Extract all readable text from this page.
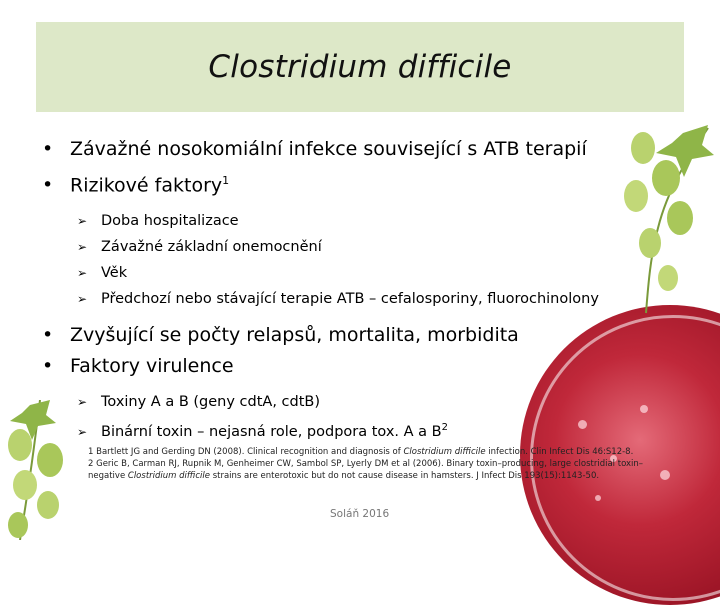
Clostridium difficile
• Závažné nosokomiální infekce související s ATB terapií
• Rizikové faktory$^1$
➢ Doba hospitalizace
➢ Závažné základní onemocnění
➢ Věk
➢ Předchozí nebo stávající terapie ATB – cefalosporiny, fluorochinolony
• Zvyšující se počty relapsů, mortalita, morbidita
• Faktory virulence
➢ Toxiny A a B (geny cdtA, cdtB)
➢ Binární toxin – nejasná role, podpora tox. A a $B^2$
1 Bartlett JG and Gerding DN (2008). Clinical recognition and diagnosis of Clostridium difficile infection. Clin Infect Dis 46:S12-8.
2 Geric B, Carman RJ, Rupnik M, Genheimer CW, Sambol SP, Lyerly DM et al (2006). Binary toxin–producing, large clostridial toxin–negative Clostridium difficile strains are enterotoxic but do not cause disease in hamsters. J Infect Dis 193(15):1143-50.
Soláň 2016
